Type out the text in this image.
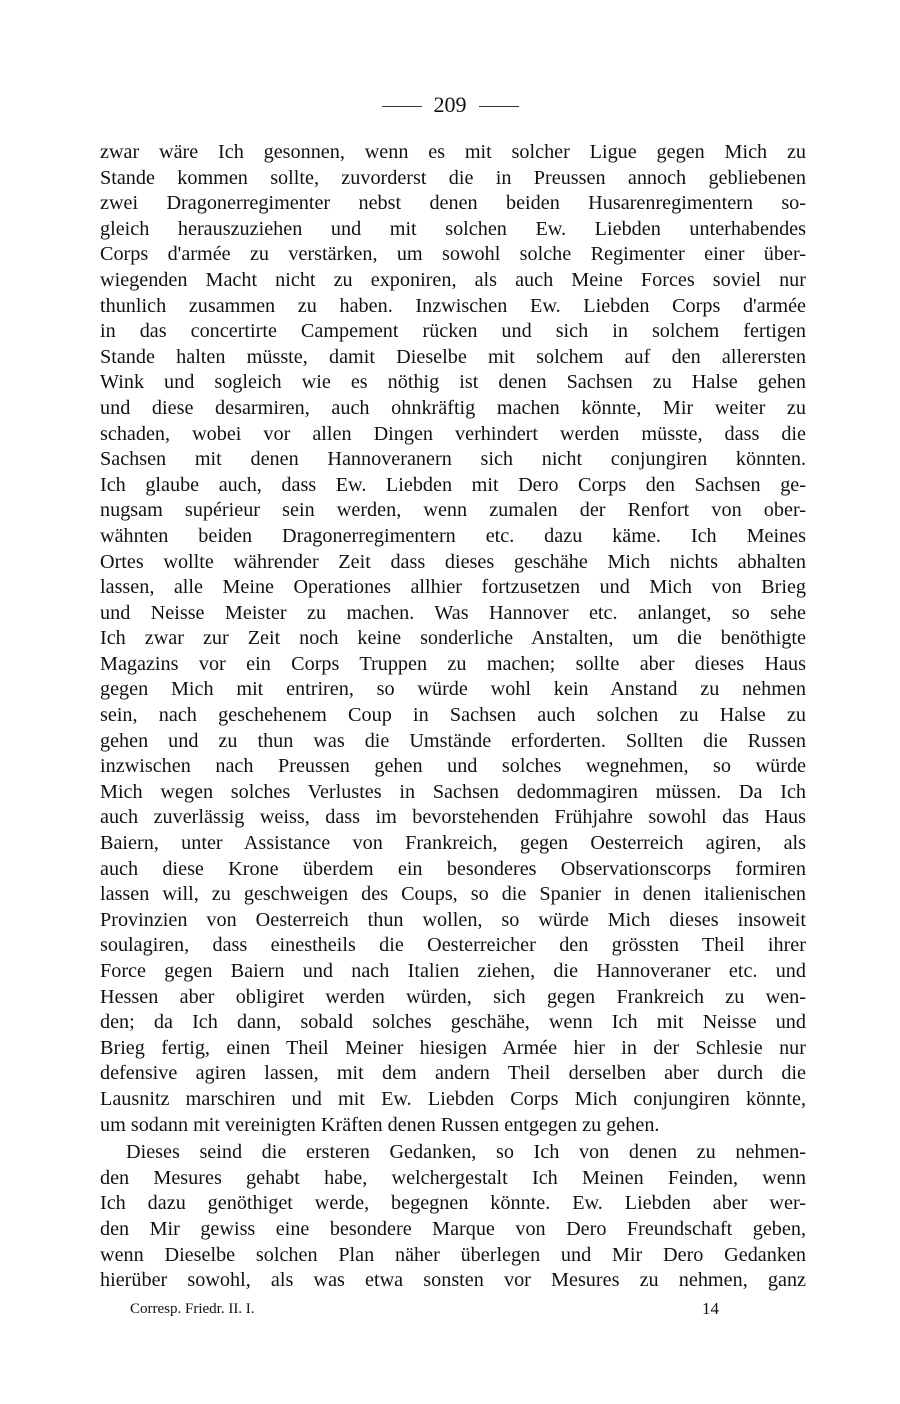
209
zwar wäre Ich gesonnen, wenn es mit solcher Ligue gegen Mich zu
Stande kommen sollte, zuvorderst die in Preussen annoch gebliebenen
zwei Dragonerregimenter nebst denen beiden Husarenregimentern so-
gleich herauszuziehen und mit solchen Ew. Liebden unterhabendes
Corps d'armée zu verstärken, um sowohl solche Regimenter einer über-
wiegenden Macht nicht zu exponiren, als auch Meine Forces soviel nur
thunlich zusammen zu haben. Inzwischen Ew. Liebden Corps d'armée
in das concertirte Campement rücken und sich in solchem fertigen
Stande halten müsste, damit Dieselbe mit solchem auf den allerersten
Wink und sogleich wie es nöthig ist denen Sachsen zu Halse gehen
und diese desarmiren, auch ohnkräftig machen könnte, Mir weiter zu
schaden, wobei vor allen Dingen verhindert werden müsste, dass die
Sachsen mit denen Hannoveranern sich nicht conjungiren könnten.
Ich glaube auch, dass Ew. Liebden mit Dero Corps den Sachsen ge-
nugsam supérieur sein werden, wenn zumalen der Renfort von ober-
wähnten beiden Dragonerregimentern etc. dazu käme. Ich Meines
Ortes wollte währender Zeit dass dieses geschähe Mich nichts abhalten
lassen, alle Meine Operationes allhier fortzusetzen und Mich von Brieg
und Neisse Meister zu machen. Was Hannover etc. anlanget, so sehe
Ich zwar zur Zeit noch keine sonderliche Anstalten, um die benöthigte
Magazins vor ein Corps Truppen zu machen; sollte aber dieses Haus
gegen Mich mit entriren, so würde wohl kein Anstand zu nehmen
sein, nach geschehenem Coup in Sachsen auch solchen zu Halse zu
gehen und zu thun was die Umstände erforderten. Sollten die Russen
inzwischen nach Preussen gehen und solches wegnehmen, so würde
Mich wegen solches Verlustes in Sachsen dedommagiren müssen. Da Ich
auch zuverlässig weiss, dass im bevorstehenden Frühjahre sowohl das Haus
Baiern, unter Assistance von Frankreich, gegen Oesterreich agiren, als
auch diese Krone überdem ein besonderes Observationscorps formiren
lassen will, zu geschweigen des Coups, so die Spanier in denen italienischen
Provinzien von Oesterreich thun wollen, so würde Mich dieses insoweit
soulagiren, dass einestheils die Oesterreicher den grössten Theil ihrer
Force gegen Baiern und nach Italien ziehen, die Hannoveraner etc. und
Hessen aber obligiret werden würden, sich gegen Frankreich zu wen-
den; da Ich dann, sobald solches geschähe, wenn Ich mit Neisse und
Brieg fertig, einen Theil Meiner hiesigen Armée hier in der Schlesie nur
defensive agiren lassen, mit dem andern Theil derselben aber durch die
Lausnitz marschiren und mit Ew. Liebden Corps Mich conjungiren könnte,
um sodann mit vereinigten Kräften denen Russen entgegen zu gehen.
Dieses seind die ersteren Gedanken, so Ich von denen zu nehmen-
den Mesures gehabt habe, welchergestalt Ich Meinen Feinden, wenn
Ich dazu genöthiget werde, begegnen könnte. Ew. Liebden aber wer-
den Mir gewiss eine besondere Marque von Dero Freundschaft geben,
wenn Dieselbe solchen Plan näher überlegen und Mir Dero Gedanken
hierüber sowohl, als was etwa sonsten vor Mesures zu nehmen, ganz
Corresp. Friedr. II. I.	14
